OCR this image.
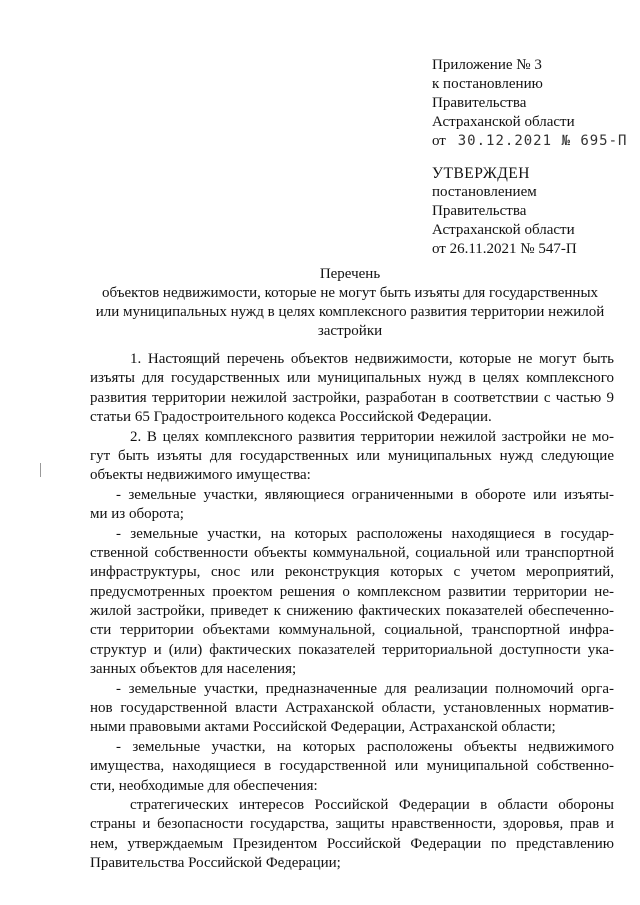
Приложение № 3
к постановлению
Правительства
Астраханской области
от 30.12.2021 № 695-П
УТВЕРЖДЕН
постановлением
Правительства
Астраханской области
от 26.11.2021 № 547-П
Перечень
объектов недвижимости, которые не могут быть изъяты для государственных
или муниципальных нужд в целях комплексного развития территории нежилой
застройки
1. Настоящий перечень объектов недвижимости, которые не могут быть
изъяты для государственных или муниципальных нужд в целях комплексного
развития территории нежилой застройки, разработан в соответствии с частью 9
статьи 65 Градостроительного кодекса Российской Федерации.
2. В целях комплексного развития территории нежилой застройки не мо-
гут быть изъяты для государственных или муниципальных нужд следующие
объекты недвижимого имущества:
- земельные участки, являющиеся ограниченными в обороте или изъяты-
ми из оборота;
- земельные участки, на которых расположены находящиеся в государ-
ственной собственности объекты коммунальной, социальной или транспортной
инфраструктуры, снос или реконструкция которых с учетом мероприятий,
предусмотренных проектом решения о комплексном развитии территории не-
жилой застройки, приведет к снижению фактических показателей обеспеченно-
сти территории объектами коммунальной, социальной, транспортной инфра-
структур и (или) фактических показателей территориальной доступности ука-
занных объектов для населения;
- земельные участки, предназначенные для реализации полномочий орга-
нов государственной власти Астраханской области, установленных норматив-
ными правовыми актами Российской Федерации, Астраханской области;
- земельные участки, на которых расположены объекты недвижимого
имущества, находящиеся в государственной или муниципальной собственно-
сти, необходимые для обеспечения:
стратегических интересов Российской Федерации в области обороны
страны и безопасности государства, защиты нравственности, здоровья, прав и
нем, утверждаемым Президентом Российской Федерации по представлению
Правительства Российской Федерации;
